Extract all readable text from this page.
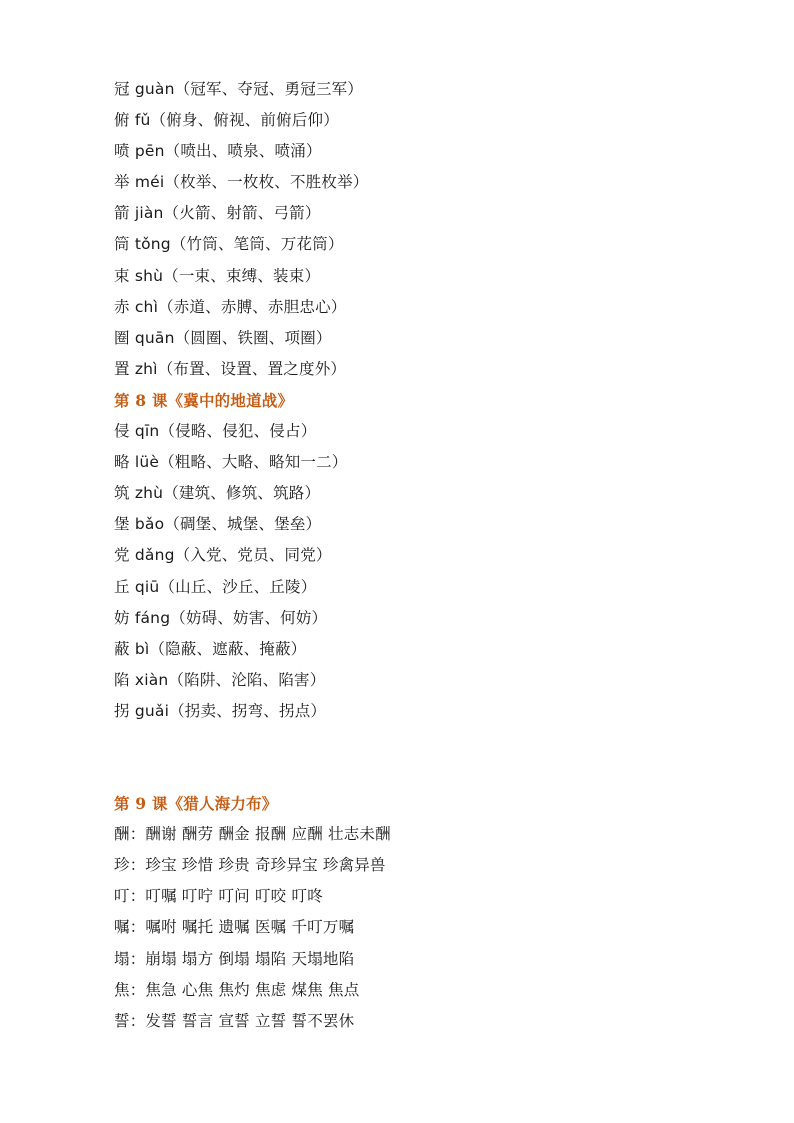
冠 guàn（冠军、夺冠、勇冠三军）
俯 fǔ（俯身、俯视、前俯后仰）
喷 pēn（喷出、喷泉、喷涌）
举 méi（枚举、一枚枚、不胜枚举）
箭 jiàn（火箭、射箭、弓箭）
筒 tǒng（竹筒、笔筒、万花筒）
束 shù（一束、束缚、装束）
赤 chì（赤道、赤膊、赤胆忠心）
圈 quān（圆圈、铁圈、项圈）
置 zhì（布置、设置、置之度外）
第 8 课《冀中的地道战》
侵 qīn（侵略、侵犯、侵占）
略 lüè（粗略、大略、略知一二）
筑 zhù（建筑、修筑、筑路）
堡 bǎo（碉堡、城堡、堡垒）
党 dǎng（入党、党员、同党）
丘 qiū（山丘、沙丘、丘陵）
妨 fáng（妨碍、妨害、何妨）
蔽 bì（隐蔽、遮蔽、掩蔽）
陷 xiàn（陷阱、沦陷、陷害）
拐 guǎi（拐卖、拐弯、拐点）
第 9 课《猎人海力布》
酬：酬谢 酬劳 酬金 报酬 应酬 壮志未酬
珍：珍宝 珍惜 珍贵 奇珍异宝 珍禽异兽
叮：叮嘱 叮咛 叮问 叮咬 叮咚
嘱：嘱咐 嘱托 遗嘱 医嘱 千叮万嘱
塌：崩塌 塌方 倒塌 塌陷 天塌地陷
焦：焦急 心焦 焦灼 焦虑 煤焦 焦点
誓：发誓 誓言 宣誓 立誓 誓不罢休
